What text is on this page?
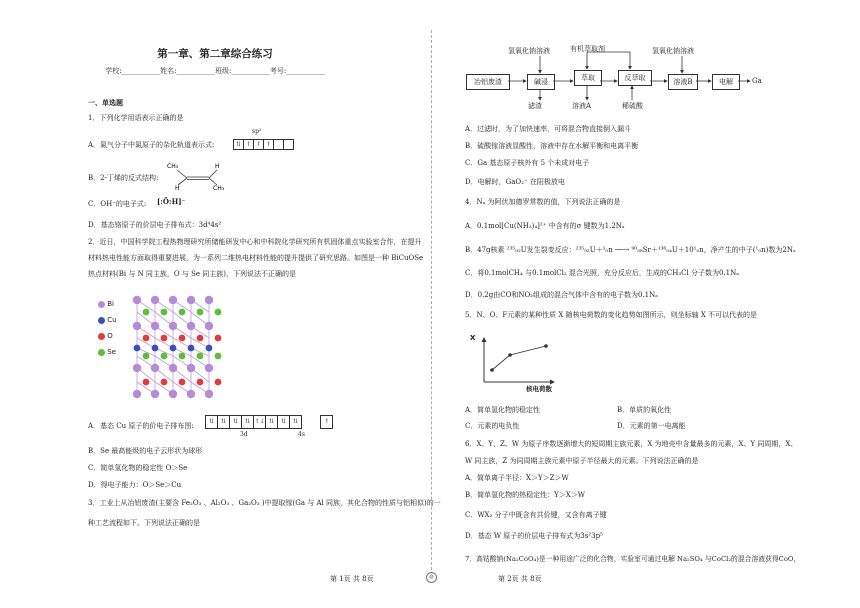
第一章、第二章综合练习
学校:___________姓名:___________班级:___________考号:___________
一、单选题
1．下列化学用语表示正确的是
A．氮气分子中氮原子的杂化轨道表示式:
sp²
⇅ ↑ ↑ ↑
B．2-丁烯的反式结构:
CH₃
CH₃
H
H
C．OH⁻的电子式: [:Ö:H]⁻
D．基态铬原子的价层电子排布式：3d⁴4s²
2．近日，中国科学院工程热物理研究所储能研发中心和中科院化学研究所有机固体重点实验室合作，在提升
材料热电性能方面取得重要进展，为一系列二维热电材料性能的提升提供了研究思路。如图是一种 BiCuOSe
热点材料(Bi 与 N 同主族，O 与 Se 同主族)，下列说法不正确的是
Bi
Cu
O
Se
A．基态 Cu 原子的价电子排布图:
⇅ ⇅ ⇅ ⇅ ↑↓ ⇅ ⇅ ⇅	↑
3d	4s
B．Se 最高能级的电子云形状为球形
C．简单氢化物的稳定性 O＞Se
D．得电子能力：O＞Se＞Cu
3．工业上从冶铝废渣(主要含 Fe₂O₃ 、Al₂O₃ 、Ga₂O₃ )中提取镓(Ga 与 Al 同族，其化合物的性质与铝相似)的一
种工艺流程如下。下列说法正确的是
第 1页 共 8页	◎
氢氧化钠溶液	有机萃取剂	氢氧化钠溶液
冶铝废渣	碱浸	萃取	反萃取	溶液B	电解	Ga
滤渣	溶液A	稀硫酸
A．过滤时，为了加快速率，可将混合物直接倒入漏斗
B．硫酸镓溶液显酸性，溶液中存在水解平衡和电离平衡
C．Ga 基态原子核外有 5 个未成对电子
D．电解时，GaO₂⁻ 在阳极放电
4．Nₐ 为阿伏加德罗常数的值，下列说法正确的是
A．0.1mol[Cu(NH₃)₄]²⁺ 中含有的σ 键数为1.2Nₐ
B．47g核素 ²³⁵₉₂U发生裂变反应：²³⁵₉₂U＋¹₀n ──→ ⁹⁰₃₈Sr＋¹³⁶₅₄U＋10¹₀n，净产生的中子(¹₀n)数为2Nₐ
C．将0.1molCH₄ 与0.1molCl₂ 混合光照，充分反应后，生成的CH₃Cl 分子数为0.1Nₐ
D．0.2g由CO和NO₂组成的混合气体中含有的电子数为0.1Nₐ
5．N、O、F元素的某种性质 X 随核电荷数的变化趋势如图所示，则坐标轴 X 不可以代表的是
X
核电荷数
A．简单氢化物的稳定性	B．单质的氧化性
C．元素的电负性	D．元素的第一电离能
6．X、Y、Z、W 为原子序数逐渐增大的短周期主族元素，X 为地壳中含量最多的元素，X、Y 同周期，X、
W 同主族，Z 为同周期主族元素中原子半径最大的元素。下列说法正确的是
A．简单离子半径：X＞Y＞Z＞W
B．简单氢化物的热稳定性：Y＞X＞W
C．WX₂ 分子中既含有共价键，又含有离子键
D．基态 W 原子的价层电子排布式为3s²3p⁵
7．高钴酸钠(Na₂CoO₄)是一种用途广泛的化合物，实验室可通过电解 Na₂SO₄ 与CoCl₂的混合溶液获得CoO，
第 2页 共 8页
